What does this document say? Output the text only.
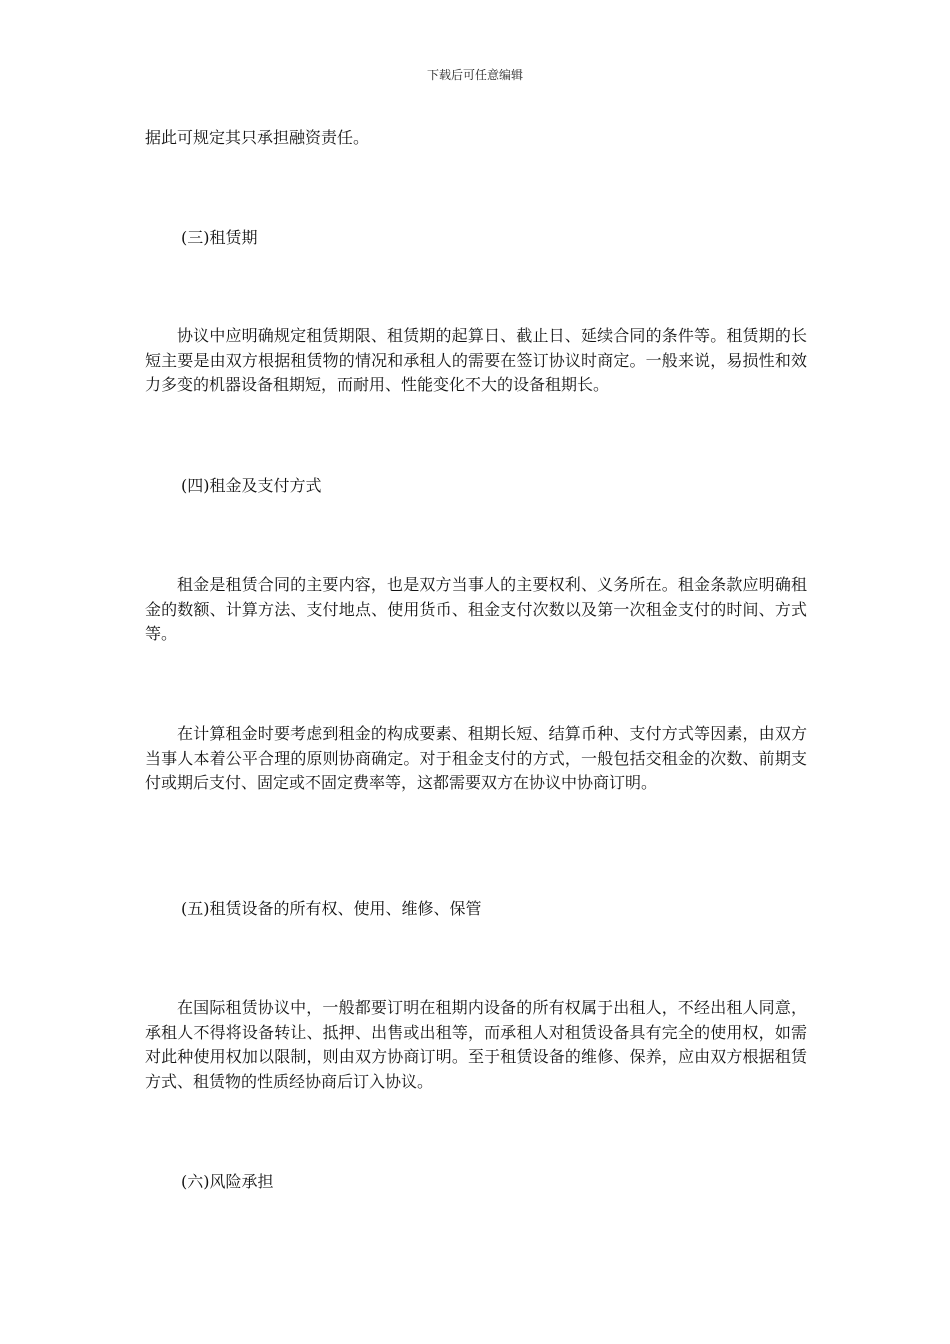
下载后可任意编辑

据此可规定其只承担融资责任。

(三)租赁期

协议中应明确规定租赁期限、租赁期的起算日、截止日、延续合同的条件等。租赁期的长短主要是由双方根据租赁物的情况和承租人的需要在签订协议时商定。一般来说，易损性和效力多变的机器设备租期短，而耐用、性能变化不大的设备租期长。

(四)租金及支付方式

租金是租赁合同的主要内容，也是双方当事人的主要权利、义务所在。租金条款应明确租金的数额、计算方法、支付地点、使用货币、租金支付次数以及第一次租金支付的时间、方式等。

在计算租金时要考虑到租金的构成要素、租期长短、结算币种、支付方式等因素，由双方当事人本着公平合理的原则协商确定。对于租金支付的方式，一般包括交租金的次数、前期支付或期后支付、固定或不固定费率等，这都需要双方在协议中协商订明。

(五)租赁设备的所有权、使用、维修、保管

在国际租赁协议中，一般都要订明在租期内设备的所有权属于出租人，不经出租人同意，承租人不得将设备转让、抵押、出售或出租等，而承租人对租赁设备具有完全的使用权，如需对此种使用权加以限制，则由双方协商订明。至于租赁设备的维修、保养，应由双方根据租赁方式、租赁物的性质经协商后订入协议。

(六)风险承担
